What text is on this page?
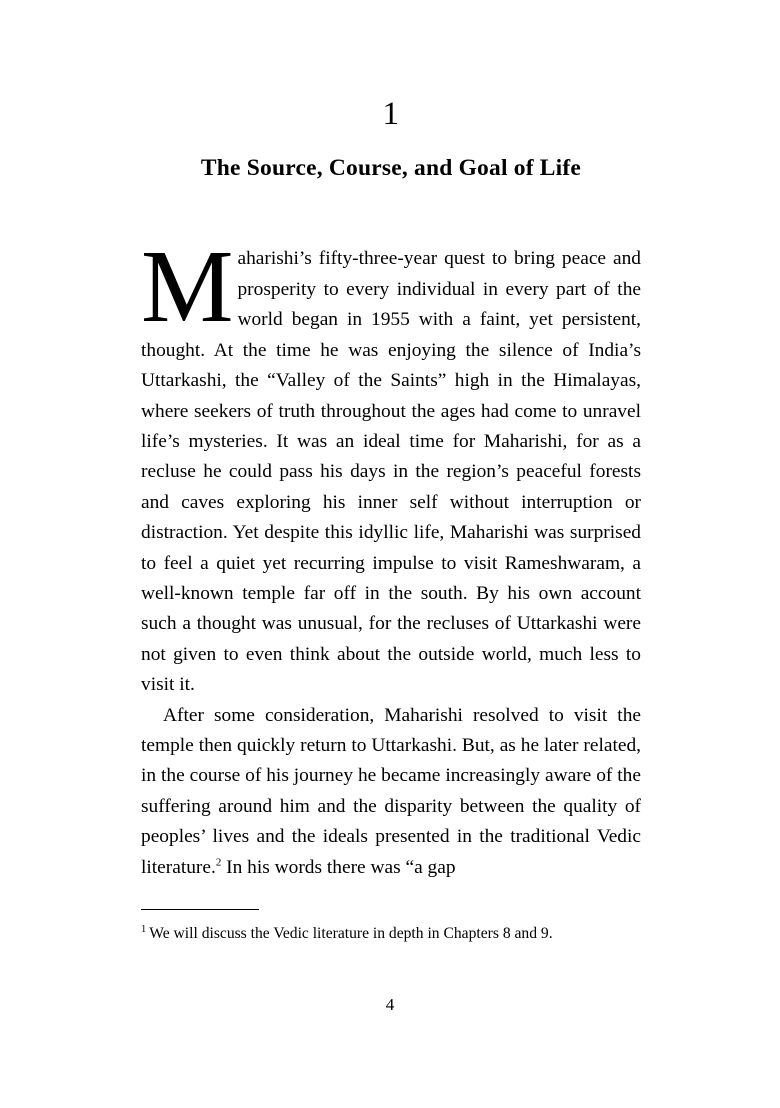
1
The Source, Course, and Goal of Life

Maharishi’s fifty-three-year quest to bring peace and prosperity to every individual in every part of the world began in 1955 with a faint, yet persistent, thought. At the time he was enjoying the silence of India’s Uttarkashi, the “Valley of the Saints” high in the Himalayas, where seekers of truth throughout the ages had come to unravel life’s mysteries. It was an ideal time for Maharishi, for as a recluse he could pass his days in the region’s peaceful forests and caves exploring his inner self without interruption or distraction. Yet despite this idyllic life, Maharishi was surprised to feel a quiet yet recurring impulse to visit Rameshwaram, a well-known temple far off in the south. By his own account such a thought was unusual, for the recluses of Uttarkashi were not given to even think about the outside world, much less to visit it.

After some consideration, Maharishi resolved to visit the temple then quickly return to Uttarkashi. But, as he later related, in the course of his journey he became increasingly aware of the suffering around him and the disparity between the quality of peoples’ lives and the ideals presented in the traditional Vedic literature.$^2$ In his words there was “a gap

$^1$ We will discuss the Vedic literature in depth in Chapters 8 and 9.

4
